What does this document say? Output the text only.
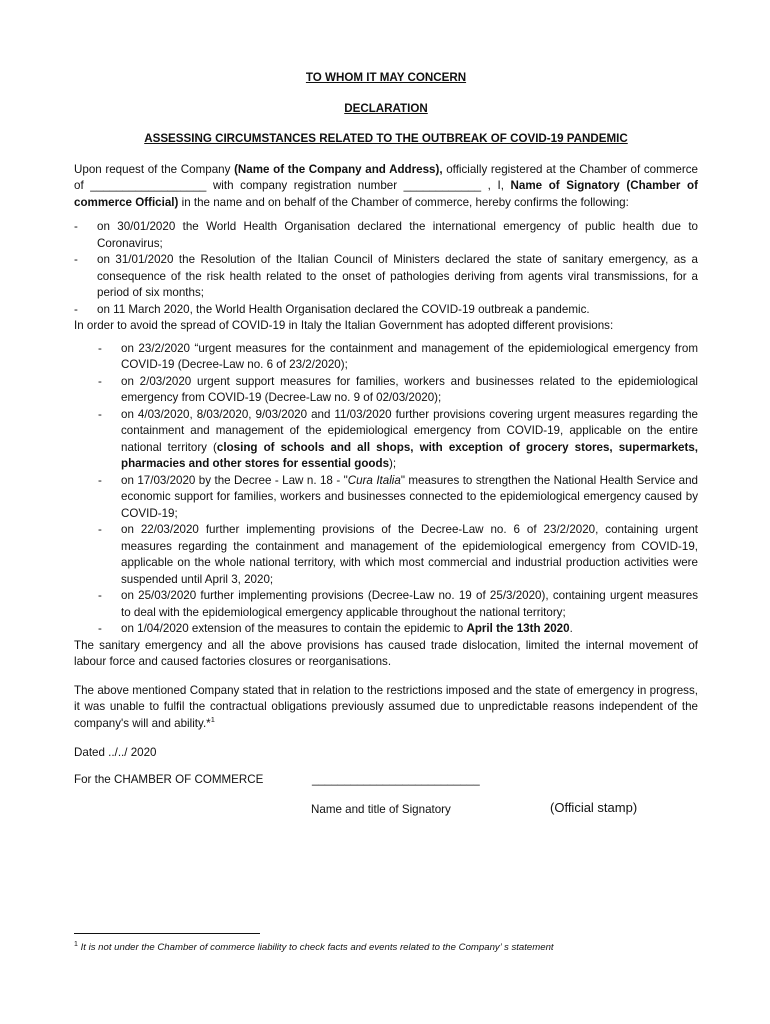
TO WHOM IT MAY CONCERN
DECLARATION
ASSESSING CIRCUMSTANCES RELATED TO THE OUTBREAK OF COVID-19 PANDEMIC

Upon request of the Company (Name of the Company and Address), officially registered at the Chamber of commerce of __________________ with company registration number ____________ , I, Name of Signatory (Chamber of commerce Official) in the name and on behalf of the Chamber of commerce, hereby confirms the following:

- on 30/01/2020 the World Health Organisation declared the international emergency of public health due to Coronavirus;
- on 31/01/2020 the Resolution of the Italian Council of Ministers declared the state of sanitary emergency, as a consequence of the risk health related to the onset of pathologies deriving from agents viral transmissions, for a period of six months;
- on 11 March 2020, the World Health Organisation declared the COVID-19 outbreak a pandemic.

In order to avoid the spread of COVID-19 in Italy the Italian Government has adopted different provisions:

- on 23/2/2020 “urgent measures for the containment and management of the epidemiological emergency from COVID-19 (Decree-Law no. 6 of 23/2/2020);
- on 2/03/2020 urgent support measures for families, workers and businesses related to the epidemiological emergency from COVID-19 (Decree-Law no. 9 of 02/03/2020);
- on 4/03/2020, 8/03/2020, 9/03/2020 and 11/03/2020 further provisions covering urgent measures regarding the containment and management of the epidemiological emergency from COVID-19, applicable on the entire national territory (closing of schools and all shops, with exception of grocery stores, supermarkets, pharmacies and other stores for essential goods);
- on 17/03/2020 by the Decree - Law n. 18 - "Cura Italia" measures to strengthen the National Health Service and economic support for families, workers and businesses connected to the epidemiological emergency caused by COVID-19;
- on 22/03/2020 further implementing provisions of the Decree-Law no. 6 of 23/2/2020, containing urgent measures regarding the containment and management of the epidemiological emergency from COVID-19, applicable on the whole national territory, with which most commercial and industrial production activities were suspended until April 3, 2020;
- on 25/03/2020 further implementing provisions (Decree-Law no. 19 of 25/3/2020), containing urgent measures to deal with the epidemiological emergency applicable throughout the national territory;
- on 1/04/2020 extension of the measures to contain the epidemic to April the 13th 2020.

The sanitary emergency and all the above provisions has caused trade dislocation, limited the internal movement of labour force and caused factories closures or reorganisations.

The above mentioned Company stated that in relation to the restrictions imposed and the state of emergency in progress, it was unable to fulfil the contractual obligations previously assumed due to unpredictable reasons independent of the company's will and ability.*$^1$

Dated ../../ 2020

For the CHAMBER OF COMMERCE	__________________________
Name and title of Signatory	(Official stamp)
$^1$ It is not under the Chamber of commerce liability to check facts and events related to the Company’ s statement
